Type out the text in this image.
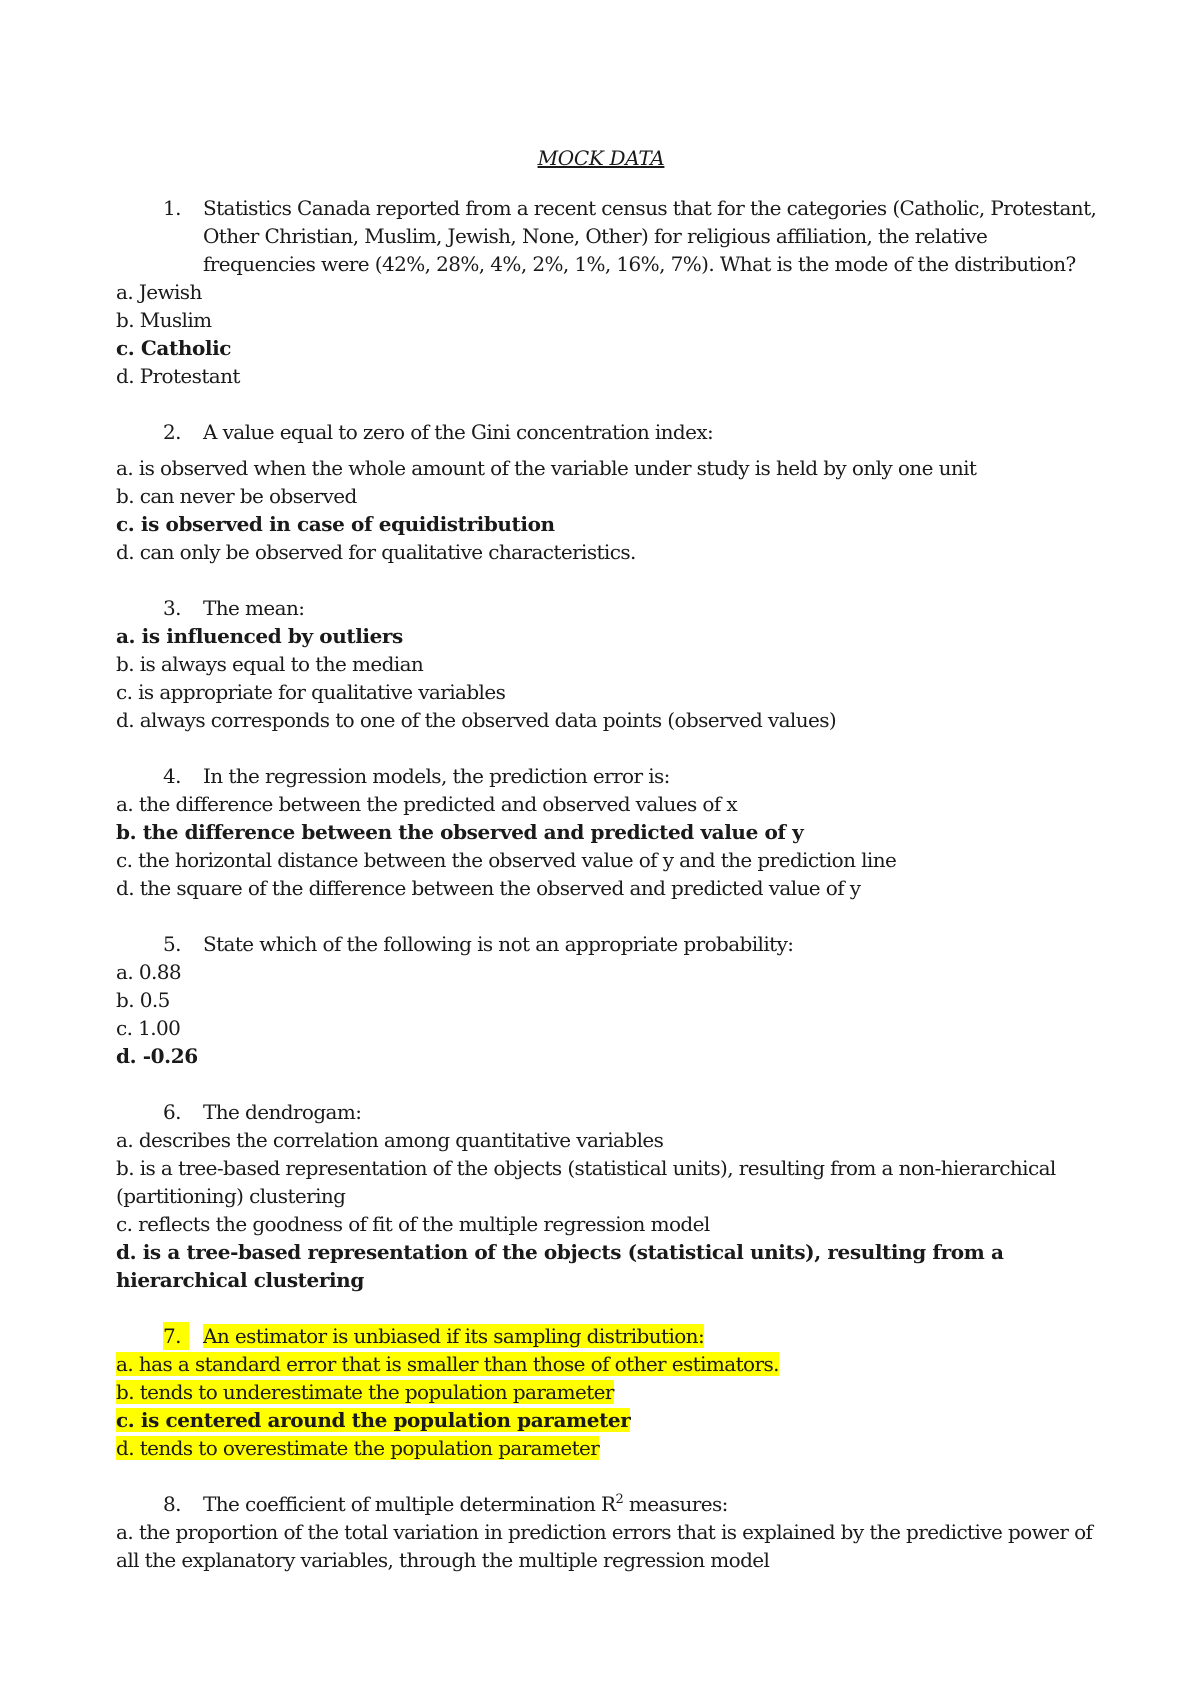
MOCK DATA
1.	Statistics Canada reported from a recent census that for the categories (Catholic, Protestant, Other Christian, Muslim, Jewish, None, Other) for religious affiliation, the relative frequencies were (42%, 28%, 4%, 2%, 1%, 16%, 7%). What is the mode of the distribution?
a. Jewish
b. Muslim
c. Catholic
d. Protestant
2.	A value equal to zero of the Gini concentration index:
a. is observed when the whole amount of the variable under study is held by only one unit
b. can never be observed
c. is observed in case of equidistribution
d. can only be observed for qualitative characteristics.
3.	The mean:
a. is influenced by outliers
b. is always equal to the median
c. is appropriate for qualitative variables
d. always corresponds to one of the observed data points (observed values)
4.	In the regression models, the prediction error is:
a. the difference between the predicted and observed values of x
b. the difference between the observed and predicted value of y
c. the horizontal distance between the observed value of y and the prediction line
d. the square of the difference between the observed and predicted value of y
5.	State which of the following is not an appropriate probability:
a. 0.88
b. 0.5
c. 1.00
d. -0.26
6.	The dendrogam:
a. describes the correlation among quantitative variables
b. is a tree-based representation of the objects (statistical units), resulting from a non-hierarchical (partitioning) clustering
c. reflects the goodness of fit of the multiple regression model
d. is a tree-based representation of the objects (statistical units), resulting from a hierarchical clustering
7.	An estimator is unbiased if its sampling distribution:
a. has a standard error that is smaller than those of other estimators.
b. tends to underestimate the population parameter
c. is centered around the population parameter
d. tends to overestimate the population parameter
8.	The coefficient of multiple determination $R^2$ measures:
a. the proportion of the total variation in prediction errors that is explained by the predictive power of all the explanatory variables, through the multiple regression model
